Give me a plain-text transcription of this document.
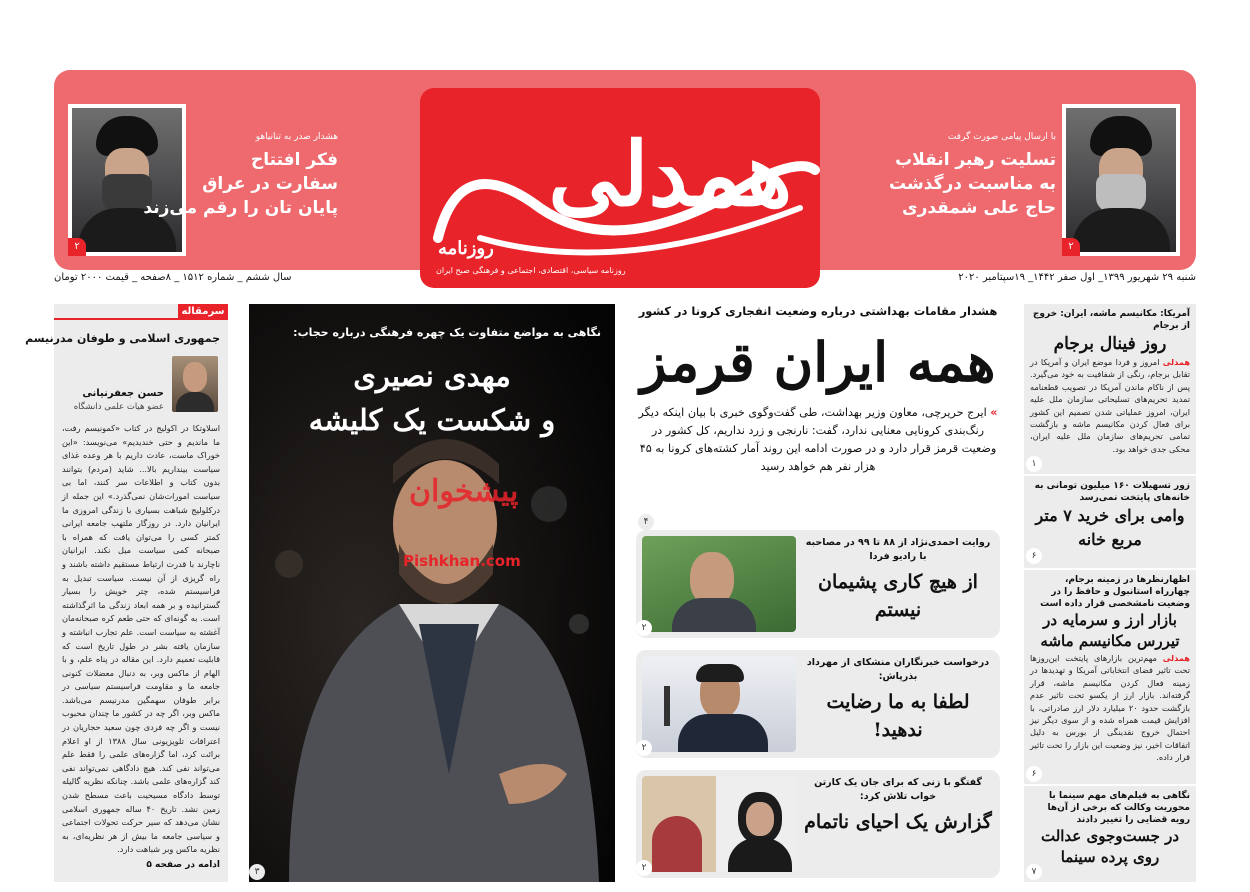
همدلی
روزنامه
روزنامه سیاسی، اقتصادی، اجتماعی و فرهنگی صبح ایران
۲
با ارسال پیامی صورت گرفت
تسلیت رهبر انقلاب
به مناسبت درگذشت
حاج علی شمقدری
۲
هشدار صدر به تنانیاهو
فکر افتتاح
سفارت در عراق
پایان تان را رقم می‌زند
شنبه ۲۹ شهریور ۱۳۹۹_ اول صفر ۱۴۴۲_ ۱۹سپتامبر ۲۰۲۰
سال ششم _ شماره ۱۵۱۲ _ ۸صفحه _ قیمت ۲۰۰۰ تومان
آمریکا: مکانیسم ماشه، ایران: خروج از برجام
روز فینال برجام
همدلی امروز و فردا موضع ایران و آمریکا در تقابل برجام، رنگی از شفافیت به خود می‌گیرد. پس از ناکام ماندن آمریکا در تصویب قطعنامه تمدید تحریم‌های تسلیحاتی سازمان ملل علیه ایران، امروز عملیاتی شدن تصمیم این کشور برای فعال کردن مکانیسم ماشه و بازگشت تمامی تحریم‌های سازمان ملل علیه ایران، محکی جدی خواهد بود.
۱
زور تسهیلات ۱۶۰ میلیون تومانی به خانه‌های پایتخت نمی‌رسد
وامی برای خرید ۷ متر مربع خانه
۶
اظهارنظرها در زمینه برجام، چهارراه استانبول و حافظ را در وضعیت نامشخصی قرار داده است
بازار ارز و سرمایه در تیررس مکانیسم ماشه
همدلی مهم‌ترین بازارهای پایتخت این‌روزها تحت تاثیر فضای انتخاباتی آمریکا و تهدیدها در زمینه فعال کردن مکانیسم ماشه، قرار گرفته‌اند. بازار ارز از یکسو تحت تاثیر عدم بازگشت حدود ۲۰ میلیارد دلار ارز صادراتی، با افزایش قیمت همراه شده و از سوی دیگر نیز احتمال خروج نقدینگی از بورس به دلیل اتفاقات اخیر، نیز وضعیت این بازار را تحت تاثیر قرار داده.
۶
نگاهی به فیلم‌های مهم سینما با محوریت وکالت که برخی از آن‌ها رویه قضایی را تغییر دادند
در جست‌وجوی عدالت روی پرده سینما
۷
هشدار مقامات بهداشتی درباره وضعیت انفجاری کرونا در کشور
همه ایران قرمز
» ایرج حریرچی، معاون وزیر بهداشت، طی گفت‌وگوی خبری با بیان اینکه دیگر رنگ‌بندی کرونایی معنایی ندارد، گفت: نارنجی و زرد نداریم، کل کشور در وضعیت قرمز قرار دارد و در صورت ادامه این روند آمار کشته‌های کرونا به ۴۵ هزار نفر هم خواهد رسید
۴
روایت احمدی‌نژاد از ۸۸ تا ۹۹ در مصاحبه با رادیو فردا
از هیچ کاری پشیمان نیستم
۲
درخواست خبرنگاران منشکای از مهرداد بذرپاش:
لطفا به ما رضایت ندهید!
۲
گفتگو با زنی که برای جان یک کارتن خواب تلاش کرد:
گزارش یک احیای ناتمام
۲
نگاهی به مواضع متفاوت یک چهره فرهنگی درباره حجاب:
مهدی نصیری
و شکست یک کلیشه
پیشخوان
Pishkhan.com
۳
سرمقاله
جمهوری اسلامی و طوفان مدرنیسم
حسن جعفرنیانی
عضو هیات علمی دانشگاه
اسلاوتکا در اکولیج در کتاب «کمونیسم رفت، ما ماندیم و حتی خندیدیم» می‌نویسد: «این خوراک ماست، عادت داریم با هر وعده غذای سیاست بینداریم بالا... شاید (مردم) بتوانند بدون کتاب و اطلاعات سر کنند، اما بی سیاست امورات‌شان نمی‌گذرد.» این جمله از درکلولیج شباهت بسیاری با زندگی امروزی ما ایرانیان دارد. در روزگار ملتهب جامعه ایرانی کمتر کسی را می‌توان یافت که همراه با صبحانه کمی سیاست میل نکند. ایرانیان ناچارند با قدرت ارتباط مستقیم داشته باشند و راه گریزی از آن نیست. سیاست تبدیل به فراسیستم شده، چتر خویش را بسیار گسترانیده و بر همه ابعاد زندگی ما اثرگذاشته است. به گونه‌ای که حتی طعم کره صبحانه‌مان آغشته به سیاست است. علم تجارب انباشته و سازمان یافته بشر در طول تاریخ است که قابلیت تعمیم دارد. این مقاله در پناه علم، و با الهام از ماکس وبر، به دنبال معضلات کنونی جامعه ما و مقاومت فراسیستم سیاسی در برابر طوفان سهمگین مدرنیسم می‌باشد. ماکس وبر، اگر چه در کشور ما چندان محبوب نیست و اگر چه فردی چون سعید حجاریان در اعترافات تلویزیونی سال ۱۳۸۸ از او اعلام برائت کرد، اما گزاره‌های علمی را فقط علم می‌تواند نفی کند. هیچ دادگاهی نمی‌تواند نفی کند گزاره‌های علمی باشد. چنانکه نظریه گالیله توسط دادگاه مسیحیت باعث مسطح شدن زمین نشد. تاریخ ۴۰ ساله جمهوری اسلامی نشان می‌دهد که سیر حرکت تحولات اجتماعی و سیاسی جامعه ما بیش از هر نظریه‌ای، به نظریه ماکس وبر شباهت دارد.
ادامه در صفحه ۵
